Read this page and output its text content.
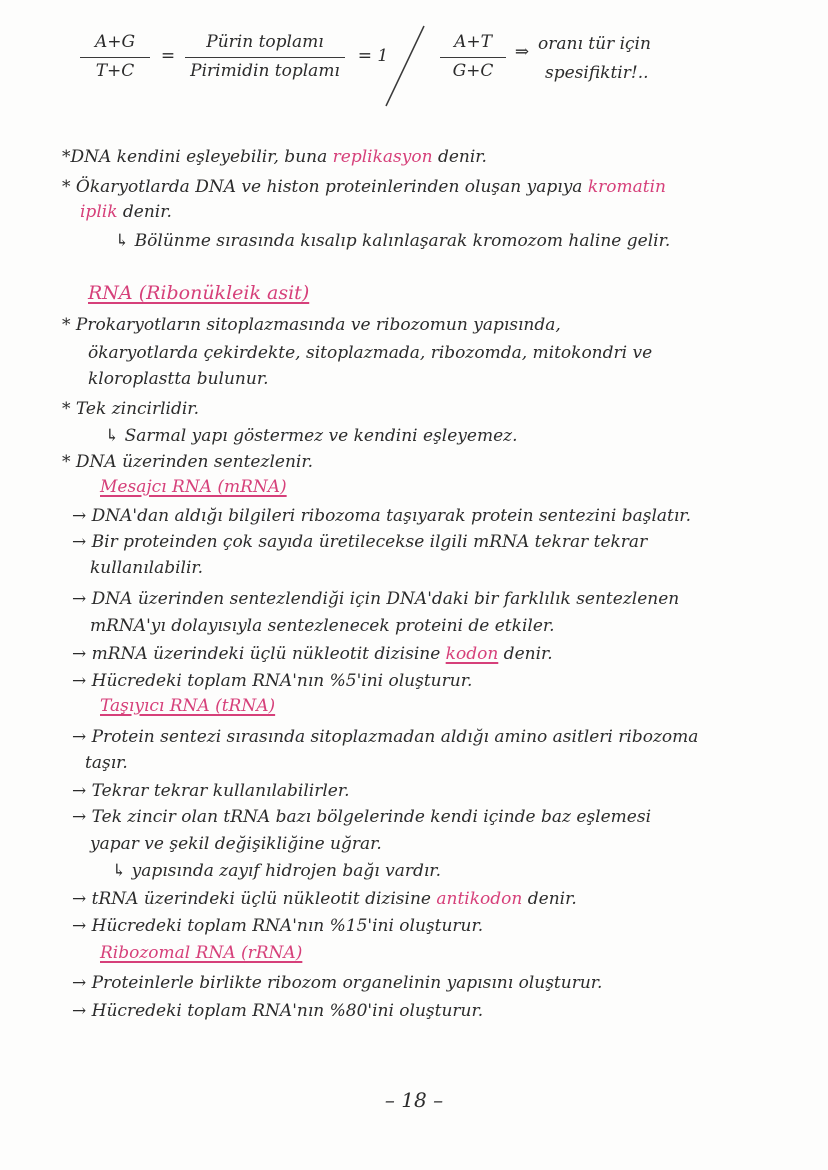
A+G
T+C
=
Pürin toplamı
Pirimidin toplamı
= 1
A+T
G+C
⇒ oranı tür için
spesifiktir!..
*DNA kendini eşleyebilir, buna replikasyon denir.
* Ökaryotlarda DNA ve histon proteinlerinden oluşan yapıya kromatin
iplik denir.
↳ Bölünme sırasında kısalıp kalınlaşarak kromozom haline gelir.
RNA (Ribonükleik asit)
* Prokaryotların sitoplazmasında ve ribozomun yapısında,
ökaryotlarda çekirdekte, sitoplazmada, ribozomda, mitokondri ve
kloroplastta bulunur.
* Tek zincirlidir.
↳ Sarmal yapı göstermez ve kendini eşleyemez.
* DNA üzerinden sentezlenir.
Mesajcı RNA (mRNA)
→ DNA'dan aldığı bilgileri ribozoma taşıyarak protein sentezini başlatır.
→ Bir proteinden çok sayıda üretilecekse ilgili mRNA tekrar tekrar
kullanılabilir.
→ DNA üzerinden sentezlendiği için DNA'daki bir farklılık sentezlenen
mRNA'yı dolayısıyla sentezlenecek proteini de etkiler.
→ mRNA üzerindeki üçlü nükleotit dizisine kodon denir.
→ Hücredeki toplam RNA'nın %5'ini oluşturur.
Taşıyıcı RNA (tRNA)
→ Protein sentezi sırasında sitoplazmadan aldığı amino asitleri ribozoma
taşır.
→ Tekrar tekrar kullanılabilirler.
→ Tek zincir olan tRNA bazı bölgelerinde kendi içinde baz eşlemesi
yapar ve şekil değişikliğine uğrar.
↳ yapısında zayıf hidrojen bağı vardır.
→ tRNA üzerindeki üçlü nükleotit dizisine antikodon denir.
→ Hücredeki toplam RNA'nın %15'ini oluşturur.
Ribozomal RNA (rRNA)
→ Proteinlerle birlikte ribozom organelinin yapısını oluşturur.
→ Hücredeki toplam RNA'nın %80'ini oluşturur.
– 18 –
